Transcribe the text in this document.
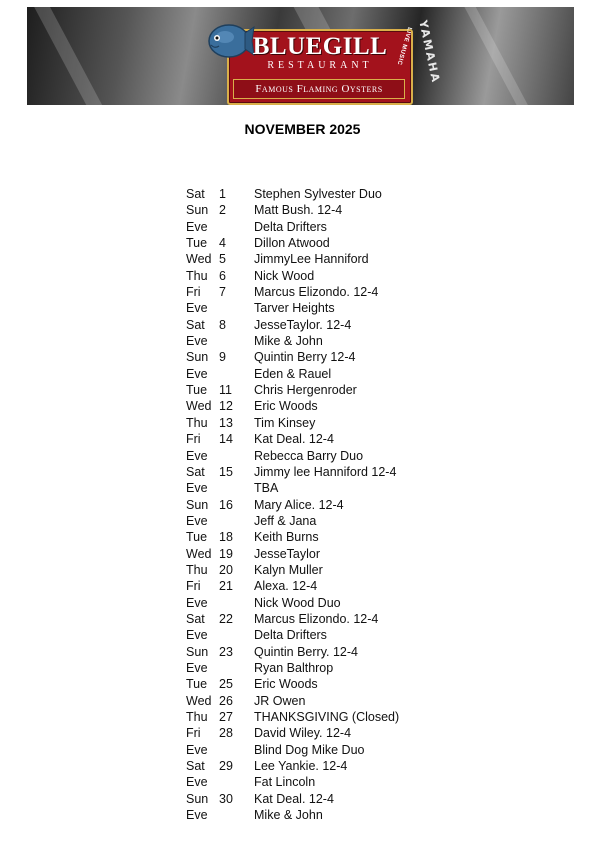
YAMAHA
BLUEGILL
RESTAURANT
Famous Flaming Oysters
LIVE MUSIC
NOVEMBER 2025
Sat 1 Stephen Sylvester Duo
Sun 2 Matt Bush. 12-4
Eve	Delta Drifters
Tue 4 Dillon Atwood
Wed 5 JimmyLee Hanniford
Thu 6 Nick Wood
Fri 7 Marcus Elizondo. 12-4
Eve	Tarver Heights
Sat 8 JesseTaylor. 12-4
Eve	Mike & John
Sun 9 Quintin Berry 12-4
Eve	Eden & Rauel
Tue 11 Chris Hergenroder
Wed 12 Eric Woods
Thu 13 Tim Kinsey
Fri 14 Kat Deal. 12-4
Eve	Rebecca Barry Duo
Sat 15 Jimmy lee Hanniford 12-4
Eve	TBA
Sun 16 Mary Alice. 12-4
Eve	Jeff & Jana
Tue 18 Keith Burns
Wed 19 JesseTaylor
Thu 20 Kalyn Muller
Fri 21 Alexa. 12-4
Eve	Nick Wood Duo
Sat 22 Marcus Elizondo. 12-4
Eve	Delta Drifters
Sun 23 Quintin Berry. 12-4
Eve	Ryan Balthrop
Tue 25 Eric Woods
Wed 26 JR Owen
Thu 27 THANKSGIVING (Closed)
Fri 28 David Wiley. 12-4
Eve	Blind Dog Mike Duo
Sat 29 Lee Yankie. 12-4
Eve	Fat Lincoln
Sun 30 Kat Deal. 12-4
Eve	Mike & John
